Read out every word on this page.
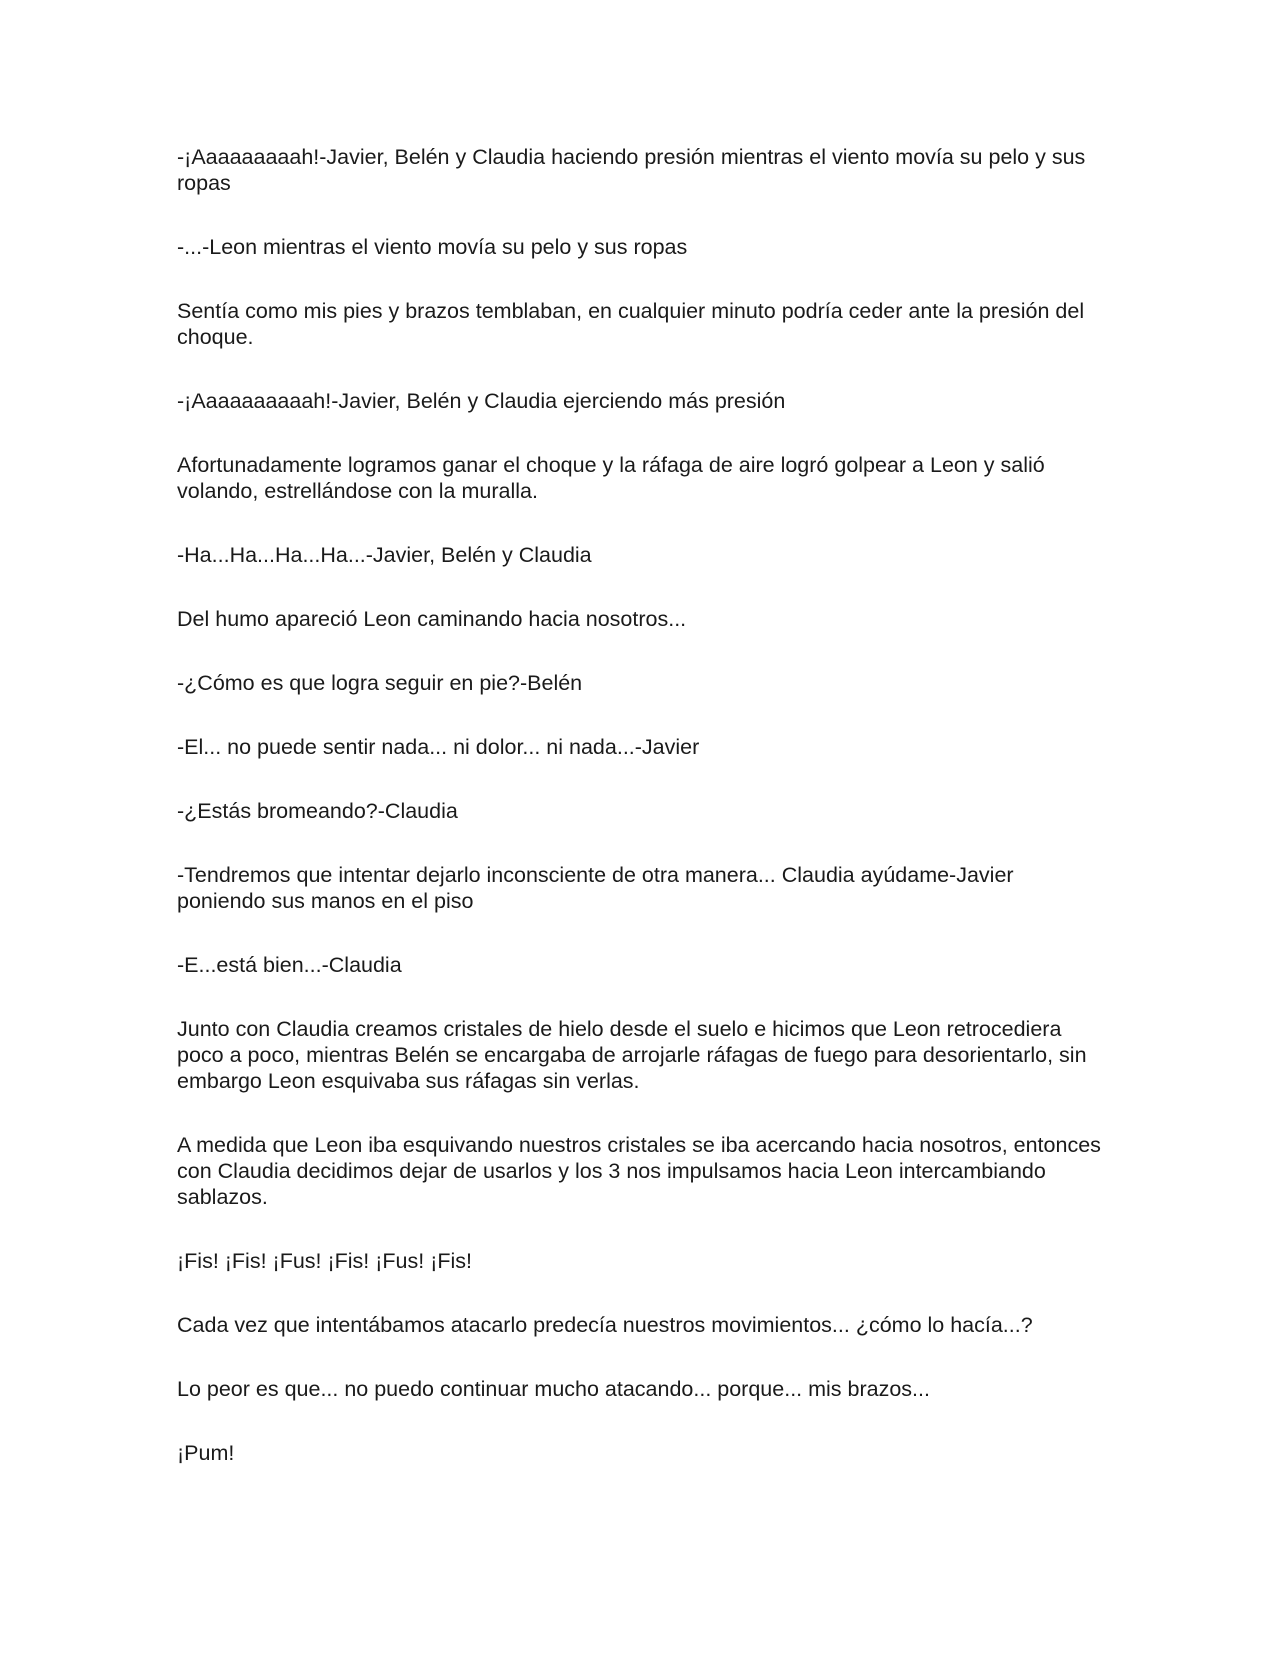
-¡Aaaaaaaaah!-Javier, Belén y Claudia haciendo presión mientras el viento movía su pelo y sus ropas

-...-Leon mientras el viento movía su pelo y sus ropas

Sentía como mis pies y brazos temblaban, en cualquier minuto podría ceder ante la presión del choque.

-¡Aaaaaaaaaah!-Javier, Belén y Claudia ejerciendo más presión

Afortunadamente logramos ganar el choque y la ráfaga de aire logró golpear a Leon y salió volando, estrellándose con la muralla.

-Ha...Ha...Ha...Ha...-Javier, Belén y Claudia

Del humo apareció Leon caminando hacia nosotros...

-¿Cómo es que logra seguir en pie?-Belén

-El... no puede sentir nada... ni dolor... ni nada...-Javier

-¿Estás bromeando?-Claudia

-Tendremos que intentar dejarlo inconsciente de otra manera... Claudia ayúdame-Javier poniendo sus manos en el piso

-E...está bien...-Claudia

Junto con Claudia creamos cristales de hielo desde el suelo e hicimos que Leon retrocediera poco a poco, mientras Belén se encargaba de arrojarle ráfagas de fuego para desorientarlo, sin embargo Leon esquivaba sus ráfagas sin verlas.

A medida que Leon iba esquivando nuestros cristales se iba acercando hacia nosotros, entonces con Claudia decidimos dejar de usarlos y los 3 nos impulsamos hacia Leon intercambiando sablazos.

¡Fis! ¡Fis! ¡Fus! ¡Fis! ¡Fus! ¡Fis!

Cada vez que intentábamos atacarlo predecía nuestros movimientos... ¿cómo lo hacía...?

Lo peor es que... no puedo continuar mucho atacando... porque... mis brazos...

¡Pum!
